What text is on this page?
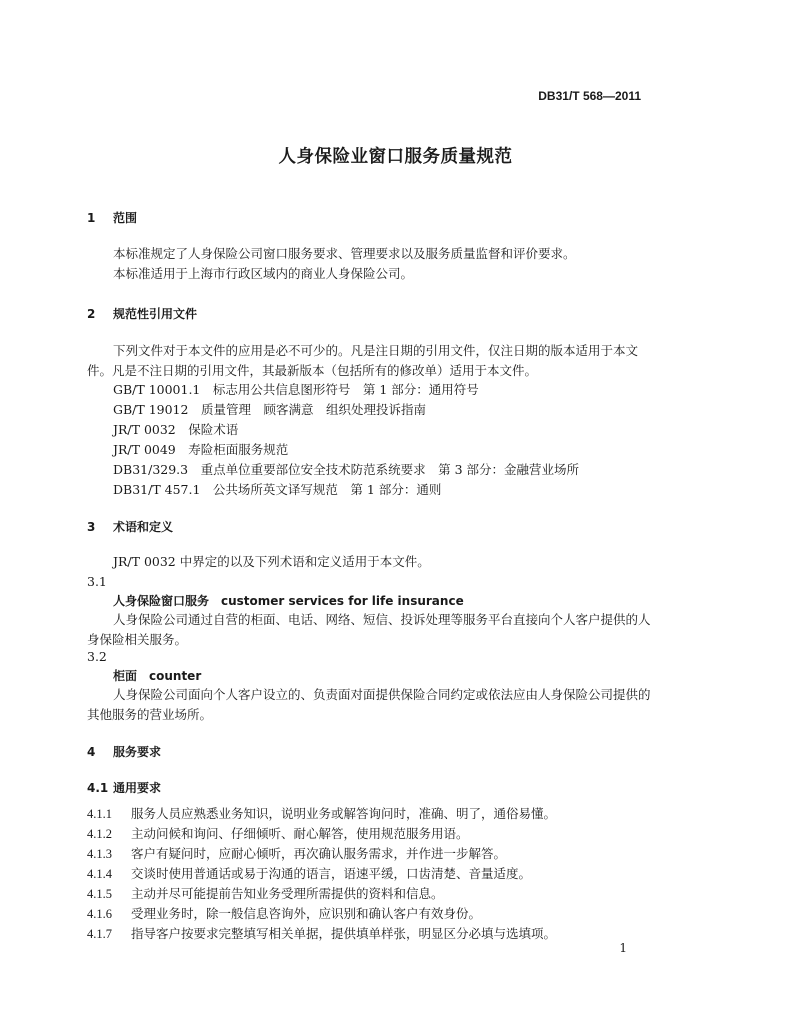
DB31/T 568—2011
人身保险业窗口服务质量规范
1 范围
本标准规定了人身保险公司窗口服务要求、管理要求以及服务质量监督和评价要求。
本标准适用于上海市行政区域内的商业人身保险公司。
2 规范性引用文件
下列文件对于本文件的应用是必不可少的。凡是注日期的引用文件，仅注日期的版本适用于本文件。凡是不注日期的引用文件，其最新版本（包括所有的修改单）适用于本文件。
GB/T 10001.1　标志用公共信息图形符号　第 1 部分：通用符号
GB/T 19012　质量管理　顾客满意　组织处理投诉指南
JR/T 0032　保险术语
JR/T 0049　寿险柜面服务规范
DB31/329.3　重点单位重要部位安全技术防范系统要求　第 3 部分：金融营业场所
DB31/T 457.1　公共场所英文译写规范　第 1 部分：通则
3 术语和定义
JR/T 0032 中界定的以及下列术语和定义适用于本文件。
3.1
人身保险窗口服务　customer services for life insurance
人身保险公司通过自营的柜面、电话、网络、短信、投诉处理等服务平台直接向个人客户提供的人身保险相关服务。
3.2
柜面　counter
人身保险公司面向个人客户设立的、负责面对面提供保险合同约定或依法应由人身保险公司提供的其他服务的营业场所。
4 服务要求
4.1 通用要求
4.1.1 服务人员应熟悉业务知识，说明业务或解答询问时，准确、明了，通俗易懂。
4.1.2 主动问候和询问、仔细倾听、耐心解答，使用规范服务用语。
4.1.3 客户有疑问时，应耐心倾听，再次确认服务需求，并作进一步解答。
4.1.4 交谈时使用普通话或易于沟通的语言，语速平缓，口齿清楚、音量适度。
4.1.5 主动并尽可能提前告知业务受理所需提供的资料和信息。
4.1.6 受理业务时，除一般信息咨询外，应识别和确认客户有效身份。
4.1.7 指导客户按要求完整填写相关单据，提供填单样张，明显区分必填与选填项。
1
